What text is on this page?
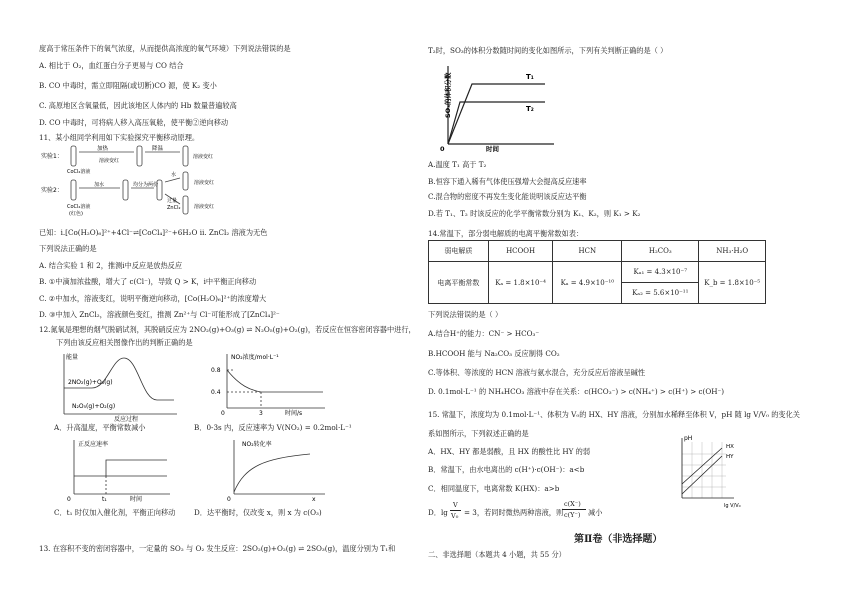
度高于常压条件下的氧气浓度，从而提供高浓度的氧气环境）下列说法错误的是
A. 相比于 O₂，血红蛋白分子更易与 CO 结合
B. CO 中毒时，需立即阻隔(或切断)CO 源，使 K₂ 变小
C. 高原地区含氧量低，因此该地区人体内的 Hb 数量普遍较高
D. CO 中毒时，可将病人移入高压氧舱，使平衡②逆向移动
11、某小组同学利用如下实验探究平衡移动原理。
实验1：
实验2：
加热	降温
CoCl₂溶液
溶液变红
溶液变红
加水	均分为两份
水
过量
ZnCl₂
溶液变红
溶液变红
CoCl₂溶液
(红色)
已知：ⅰ.[Co(H₂O)₆]²⁺+4Cl⁻⇌[CoCl₄]²⁻+6H₂O ⅱ. ZnCl₂ 溶液为无色
下列说法正确的是
A. 结合实验 1 和 2，推测ⅰ中反应是放热反应
B. ①中滴加浓盐酸，增大了 c(Cl⁻)，导致 Q > K，ⅰ中平衡正向移动
C. ②中加水，溶液变红，说明平衡逆向移动，[Co(H₂O)₆]²⁺的浓度增大
D. ③中加入 ZnCl₂，溶液颜色变红，推测 Zn²⁺与 Cl⁻可能形成了[ZnCl₄]²⁻
12.氮氧是理想的烟气脱硝试剂，其脱硝反应为 2NO₂(g)+O₃(g) ⇌ N₂O₅(g)+O₂(g)，若反应在恒容密闭容器中进行，
下列由该反应相关图像作出的判断正确的是
能量
2NO₂(g)+O₃(g)
N₂O₅(g)+O₂(g)
反应过程
A．升高温度，平衡常数减小
NO₂浓度/mol·L⁻¹
0.8
0.4
0	3	时间/s
B．0-3s 内，反应速率为 V(NO₂) = 0.2mol·L⁻¹
正反应速率
0	t₁	时间
C．t₁ 时仅加入催化剂，平衡正向移动
NO₂转化率
0	x
D．达平衡时，仅改变 x，则 x 为 c(O₃)
13. 在容积不变的密闭容器中，一定量的 SO₂ 与 O₂ 发生反应：2SO₂(g)+O₂(g) ⇌ 2SO₃(g)，温度分别为 T₁和
T₂时，SO₃的体积分数随时间的变化如图所示，下列有关判断正确的是（ ）
SO₃的体积分数	T₁
T₂
0	时间
A.温度 T₁ 高于 T₂
B.恒容下通入稀有气体使压强增大会提高反应速率
C.混合物的密度不再发生变化能说明该反应达平衡
D.若 T₁、T₂ 时该反应的化学平衡常数分别为 K₁、K₂，则 K₁ > K₂
14.常温下，部分弱电解质的电离平衡常数如表：
弱电解质	HCOOH	HCN	H₂CO₃	NH₃·H₂O
电离平衡常数	Kₐ = 1.8×10⁻⁴	Kₐ = 4.9×10⁻¹⁰	Kₐ₁ = 4.3×10⁻⁷	K_b = 1.8×10⁻⁵
			Kₐ₂ = 5.6×10⁻¹¹	
下列说法错误的是（ ）
A.结合H⁺的能力：CN⁻ > HCO₃⁻
B.HCOOH 能与 Na₂CO₃ 反应制得 CO₂
C.等体积、等浓度的 HCN 溶液与氨水混合，充分反应后溶液呈碱性
D. 0.1mol·L⁻¹ 的 NH₄HCO₃ 溶液中存在关系：c(HCO₃⁻) > c(NH₄⁺) > c(H⁺) > c(OH⁻)
15. 常温下，浓度均为 0.1mol·L⁻¹、体积为 V₀的 HX、HY 溶液，分别加水稀释至体积 V，pH 随 lg V/V₀ 的变化关
系如图所示，下列叙述正确的是
A．HX、HY 都是弱酸，且 HX 的酸性比 HY 的弱
B．常温下，由水电离出的 c(H⁺)·c(OH⁻)：a<b
C．相同温度下，电离常数 K(HX)：a>b
D．lg
V
V₀ = 3，若同时微热两种溶液，则
c(X⁻)
c(Y⁻) 减小
pH
HX
HY
lg V/V₀
第Ⅱ卷（非选择题）
二、非选择题（本题共 4 小题，共 55 分）
